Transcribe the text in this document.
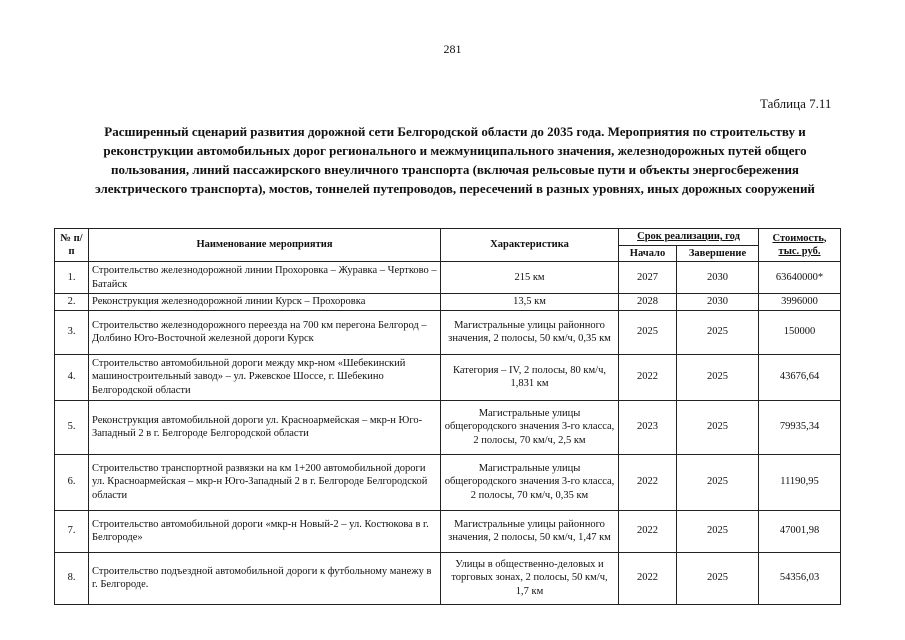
281
Таблица 7.11
Расширенный сценарий развития дорожной сети Белгородской области до 2035 года. Мероприятия по строительству и реконструкции автомобильных дорог регионального и межмуниципального значения, железнодорожных путей общего пользования, линий пассажирского внеуличного транспорта (включая рельсовые пути и объекты энергосбережения электрического транспорта), мостов, тоннелей путепроводов, пересечений в разных уровнях, иных дорожных сооружений
№ п/п	Наименование мероприятия	Характеристика	Срок реализации, год		Стоимость, тыс. руб.
			Начало	Завершение	
1.	Строительство железнодорожной линии Прохоровка – Журавка – Чертково – Батайск	215 км	2027	2030	63640000*
2.	Реконструкция железнодорожной линии Курск – Прохоровка	13,5 км	2028	2030	3996000
3.	Строительство железнодорожного переезда на 700 км перегона Белгород – Долбино Юго-Восточной железной дороги Курск	Магистральные улицы районного значения, 2 полосы, 50 км/ч, 0,35 км	2025	2025	150000
4.	Строительство автомобильной дороги между мкр-ном «Шебекинский машиностроительный завод» – ул. Ржевское Шоссе, г. Шебекино Белгородской области	Категория – IV, 2 полосы, 80 км/ч, 1,831 км	2022	2025	43676,64
5.	Реконструкция автомобильной дороги ул. Красноармейская – мкр-н Юго-Западный 2 в г. Белгороде Белгородской области	Магистральные улицы общегородского значения 3-го класса, 2 полосы, 70 км/ч, 2,5 км	2023	2025	79935,34
6.	Строительство транспортной развязки на км 1+200 автомобильной дороги ул. Красноармейская – мкр-н Юго-Западный 2 в г. Белгороде Белгородской области	Магистральные улицы общегородского значения 3-го класса, 2 полосы, 70 км/ч, 0,35 км	2022	2025	11190,95
7.	Строительство автомобильной дороги «мкр-н Новый-2 – ул. Костюкова в г. Белгороде»	Магистральные улицы районного значения, 2 полосы, 50 км/ч, 1,47 км	2022	2025	47001,98
8.	Строительство подъездной автомобильной дороги к футбольному манежу в г. Белгороде.	Улицы в общественно-деловых и торговых зонах, 2 полосы, 50 км/ч, 1,7 км	2022	2025	54356,03
